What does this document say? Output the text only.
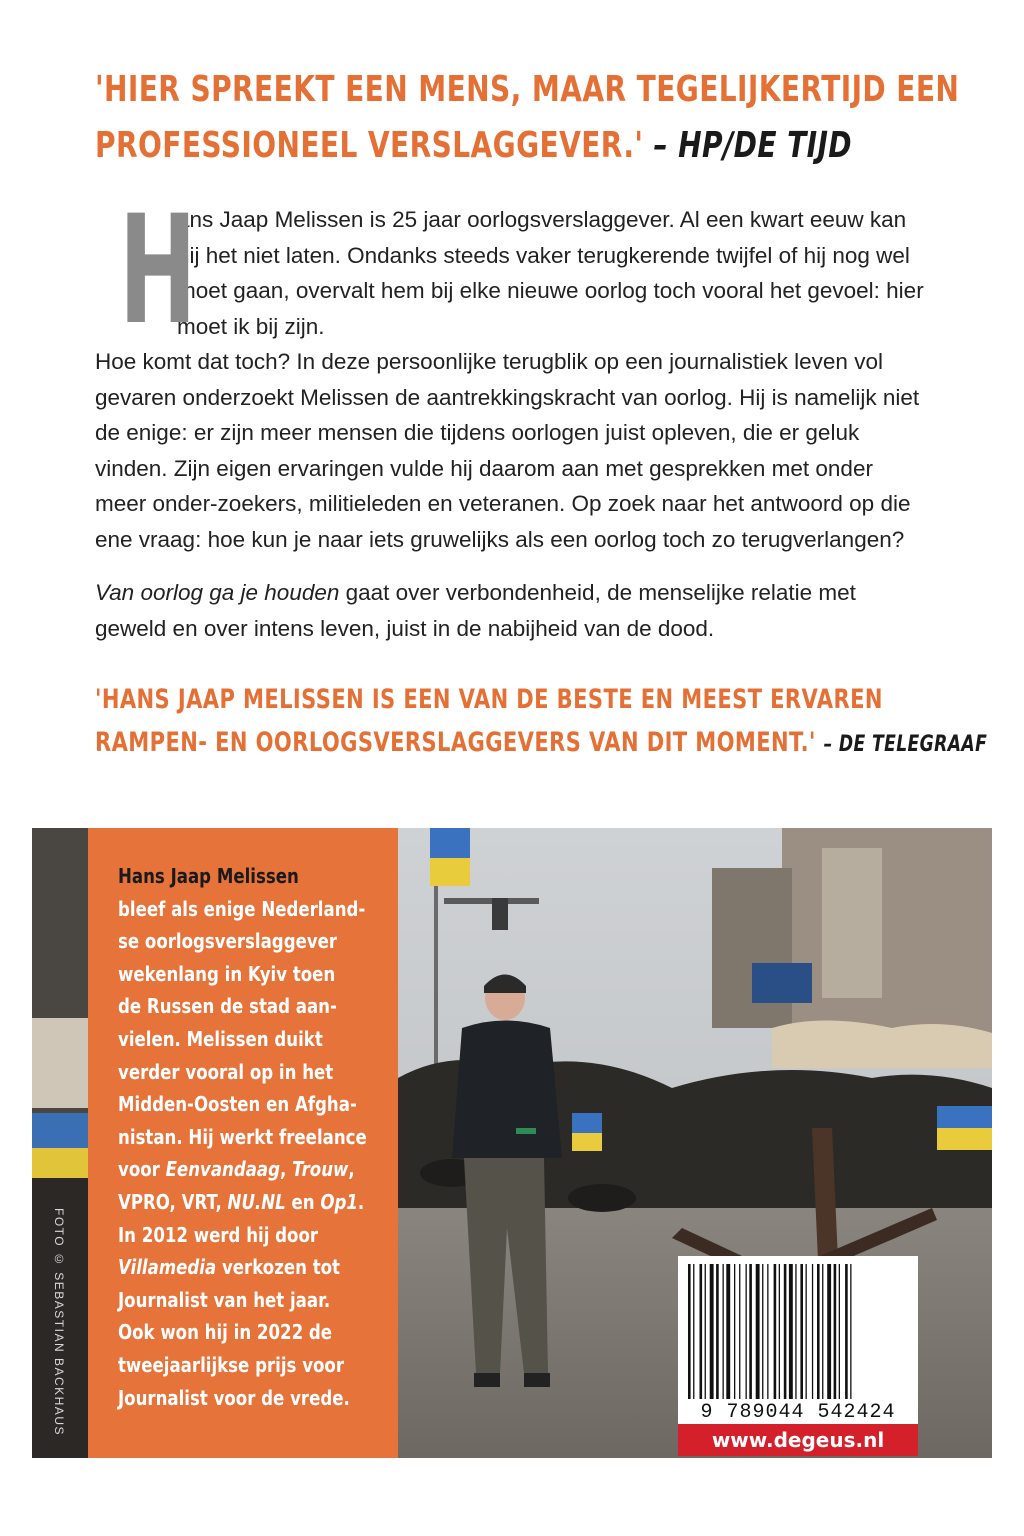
'HIER SPREEKT EEN MENS, MAAR TEGELIJKERTIJD EEN
PROFESSIONEEL VERSLAGGEVER.' – HP/DE TIJD
H

ans Jaap Melissen is 25 jaar oorlogsverslaggever. Al een kwart eeuw kan hij het niet laten. Ondanks steeds vaker terugkerende twijfel of hij nog wel moet gaan, overvalt hem bij elke nieuwe oorlog toch vooral het gevoel: hier moet ik bij zijn.

Hoe komt dat toch? In deze persoonlijke terugblik op een journalistiek leven vol gevaren onderzoekt Melissen de aantrekkingskracht van oorlog. Hij is namelijk niet de enige: er zijn meer mensen die tijdens oorlogen juist opleven, die er geluk vinden. Zijn eigen ervaringen vulde hij daarom aan met gesprekken met onder meer onder-zoekers, militieleden en veteranen. Op zoek naar het antwoord op die ene vraag: hoe kun je naar iets gruwelijks als een oorlog toch zo terugverlangen?

Van oorlog ga je houden gaat over verbondenheid, de menselijke relatie met geweld en over intens leven, juist in de nabijheid van de dood.

'HANS JAAP MELISSEN IS EEN VAN DE BESTE EN MEEST ERVAREN
RAMPEN- EN OORLOGSVERSLAGGEVERS VAN DIT MOMENT.' – DE TELEGRAAF
Hans Jaap Melissen
bleef als enige Nederland-
se oorlogsverslaggever
wekenlang in Kyiv toen
de Russen de stad aan-
vielen. Melissen duikt
verder vooral op in het
Midden-Oosten en Afgha-
nistan. Hij werkt freelance
voor Eenvandaag, Trouw,
VPRO, VRT, NU.NL en Op1.
In 2012 werd hij door
Villamedia verkozen tot
Journalist van het jaar.
Ook won hij in 2022 de
tweejaarlijkse prijs voor
Journalist voor de vrede.
FOTO © SEBASTIAN BACKHAUS	9 789044 542424
www.degeus.nl
